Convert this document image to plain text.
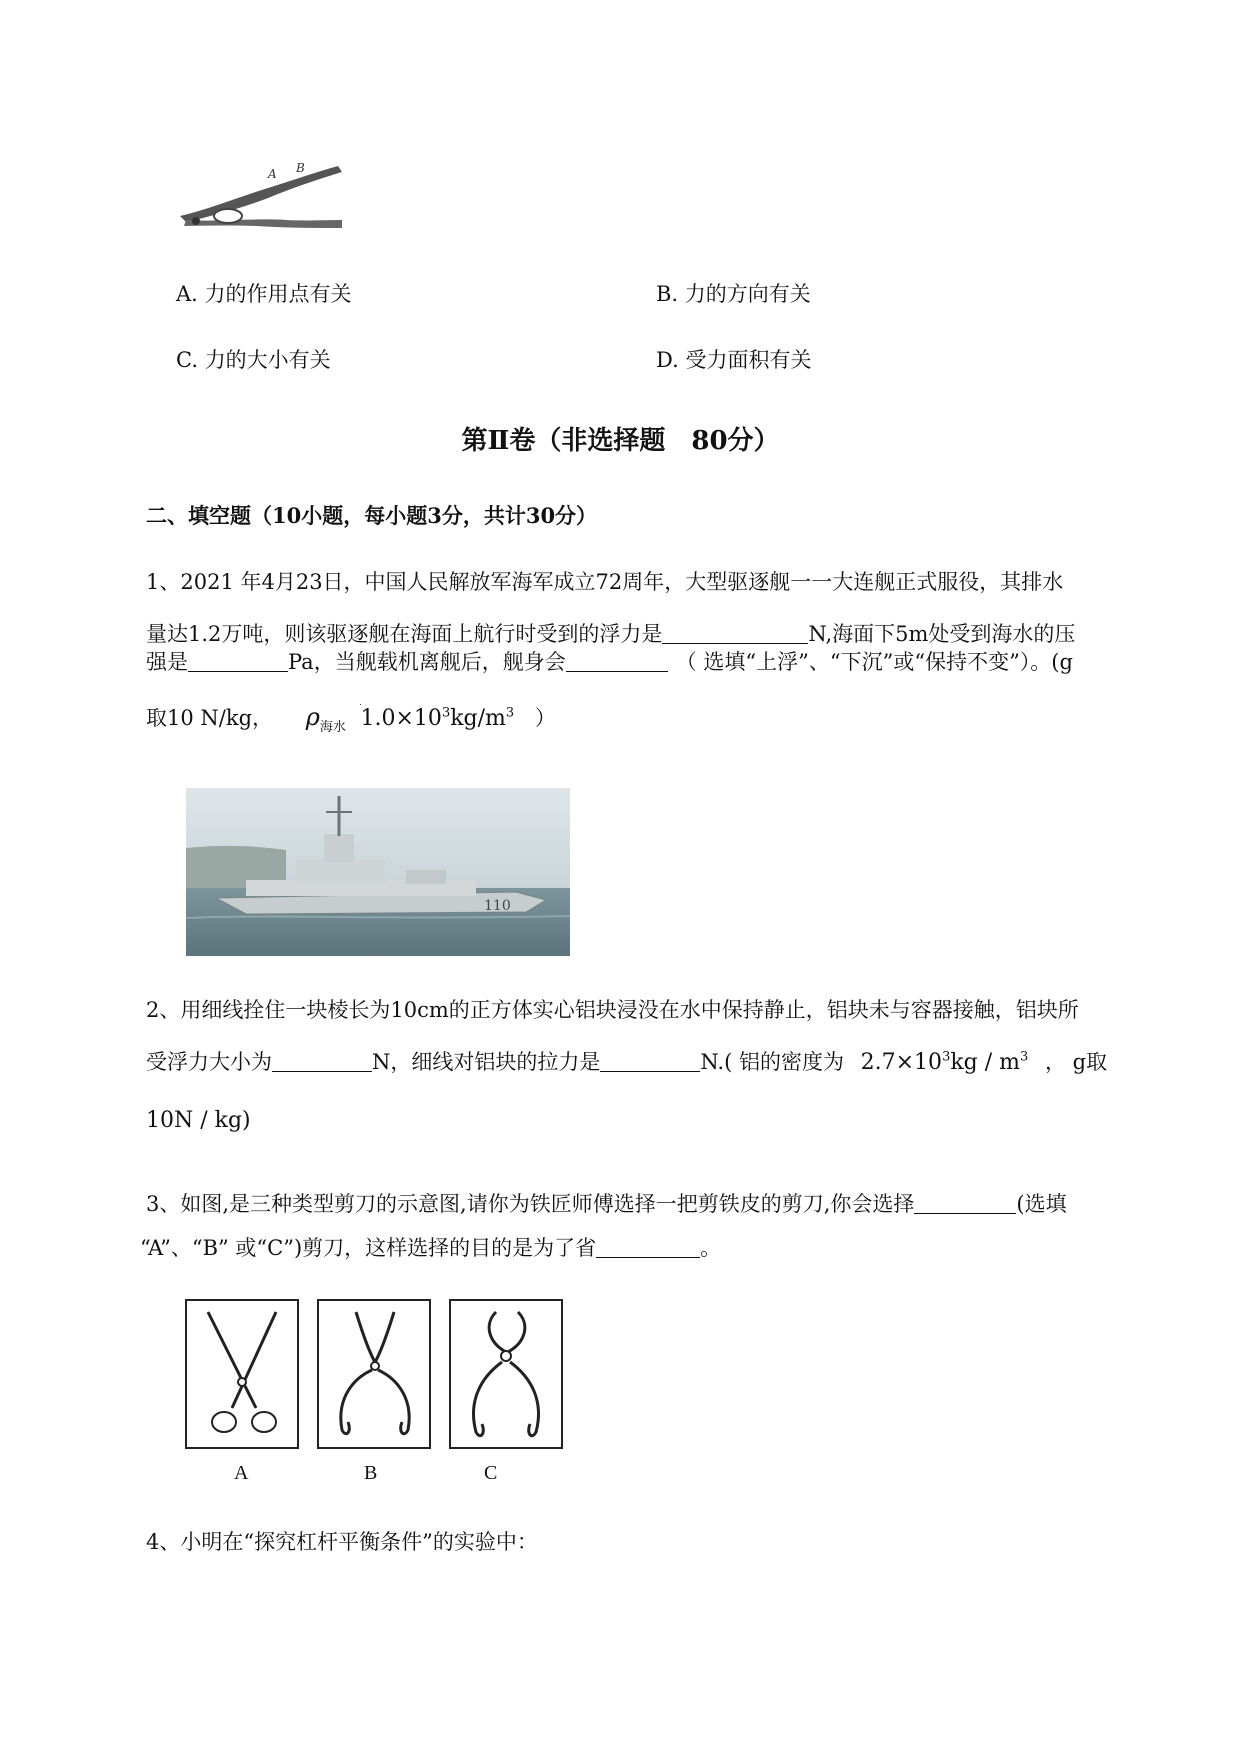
A B
A. 力的作用点有关	B. 力的方向有关
C. 力的大小有关	D. 受力面积有关
第Ⅱ卷（非选择题　80分）
二、填空题（10小题，每小题3分，共计30分）
1、2021 年4月23日，中国人民解放军海军成立72周年，大型驱逐舰一一大连舰正式服役，其排水
量达1.2万吨，则该驱逐舰在海面上航行时受到的浮力是	N,海面下5m处受到海水的压
强是	Pa，当舰载机离舰后，舰身会	（ 选填“上浮”、“下沉”或“保持不变”）。(g
取10 N/kg， $\rho_{海水}$ $1.0\times 10^3kg/m^3$ ）
110
2、用细线拴住一块棱长为10cm的正方体实心铝块浸没在水中保持静止，铝块未与容器接触，铝块所
受浮力大小为	N，细线对铝块的拉力是	N.( 铝的密度为 $2.7\times 10^3kg / m^3$ ， g取
10N / kg)
3、如图,是三种类型剪刀的示意图,请你为铁匠师傅选择一把剪铁皮的剪刀,你会选择	(选填
“A”、“B” 或“C”)剪刀，这样选择的目的是为了省	。
A	B	C
4、小明在“探究杠杆平衡条件”的实验中：
